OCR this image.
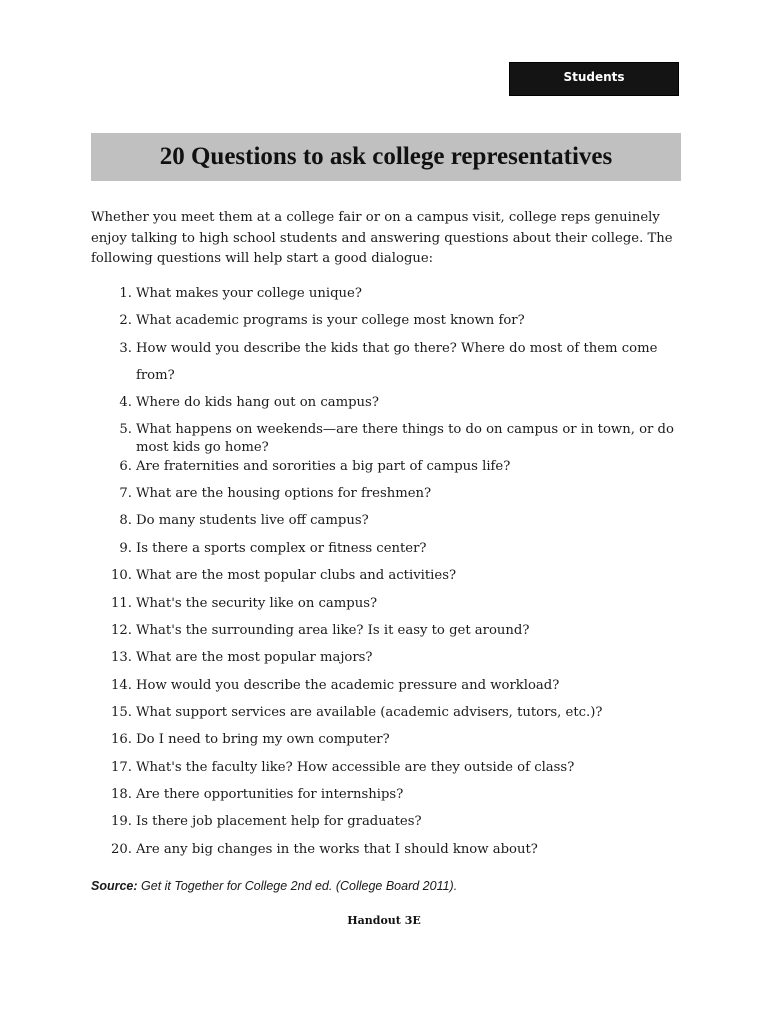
Students
20 Questions to ask college representatives

Whether you meet them at a college fair or on a campus visit, college reps genuinely enjoy talking to high school students and answering questions about their college. The following questions will help start a good dialogue:

1. What makes your college unique?
2. What academic programs is your college most known for?
3. How would you describe the kids that go there? Where do most of them come from?
4. Where do kids hang out on campus?
5. What happens on weekends—are there things to do on campus or in town, or do most kids go home?
6. Are fraternities and sororities a big part of campus life?
7. What are the housing options for freshmen?
8. Do many students live off campus?
9. Is there a sports complex or fitness center?
10. What are the most popular clubs and activities?
11. What's the security like on campus?
12. What's the surrounding area like? Is it easy to get around?
13. What are the most popular majors?
14. How would you describe the academic pressure and workload?
15. What support services are available (academic advisers, tutors, etc.)?
16. Do I need to bring my own computer?
17. What's the faculty like? How accessible are they outside of class?
18. Are there opportunities for internships?
19. Is there job placement help for graduates?
20. Are any big changes in the works that I should know about?
Source: Get it Together for College 2nd ed. (College Board 2011).
Handout 3E
